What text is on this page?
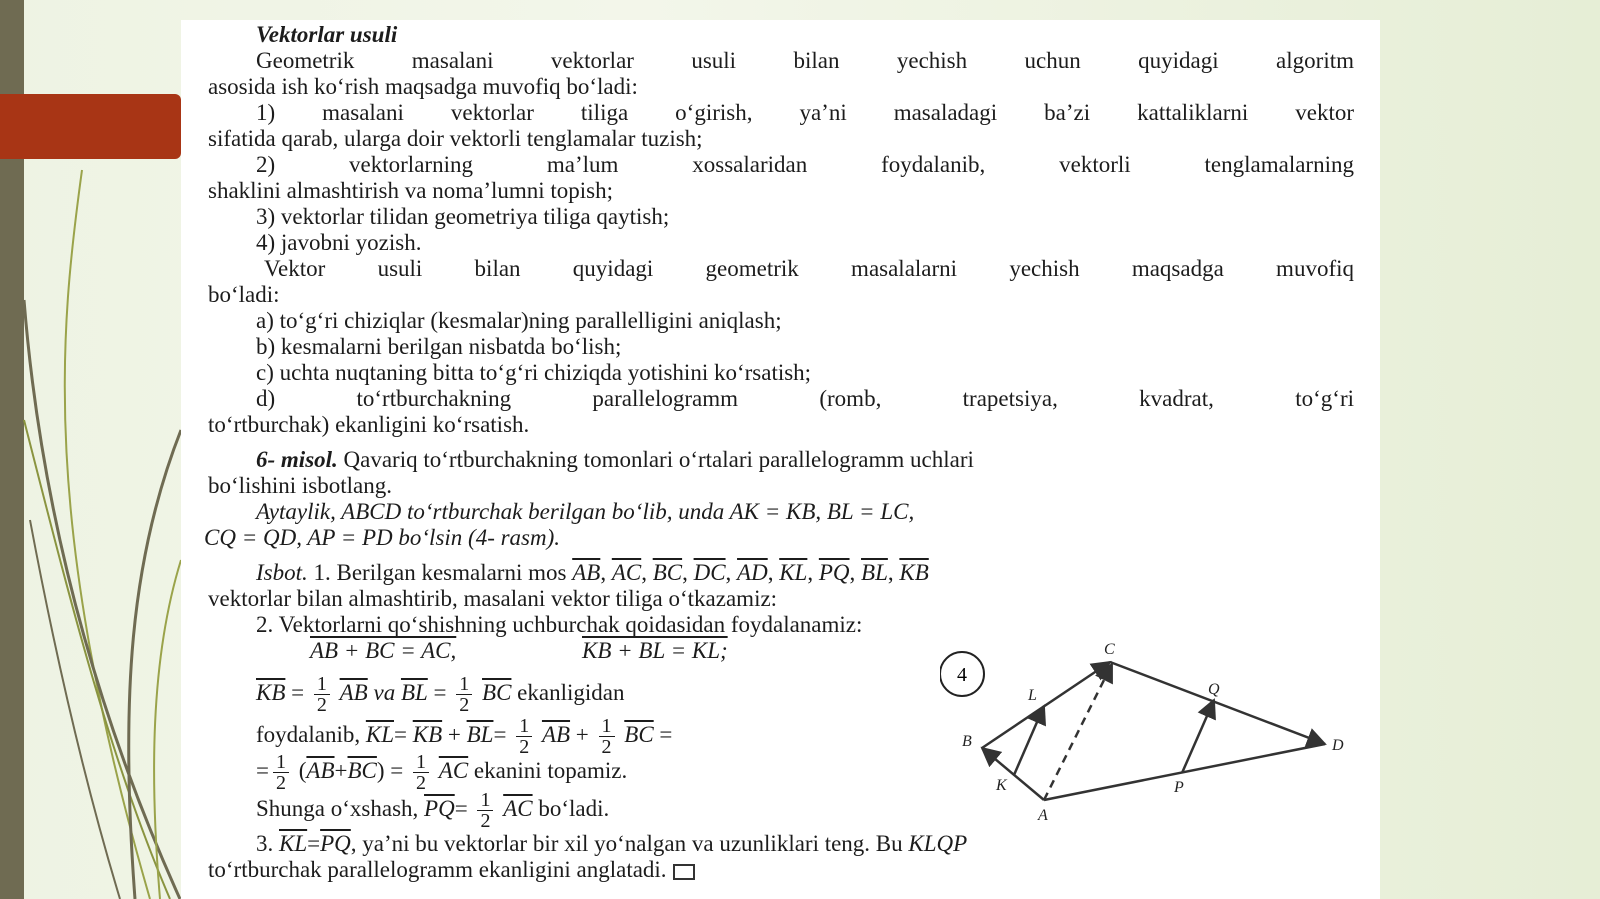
Vektorlar usuli
Geometrik masalani vektorlar usuli bilan yechish uchun quyidagi algoritm
asosida ish ko‘rish maqsadga muvofiq bo‘ladi:
1) masalani vektorlar tiliga o‘girish, ya’ni masaladagi ba’zi kattaliklarni vektor
sifatida qarab, ularga doir vektorli tenglamalar tuzish;
2) vektorlarning ma’lum xossalaridan foydalanib, vektorli tenglamalarning
shaklini almashtirish va noma’lumni topish;
3) vektorlar tilidan geometriya tiliga qaytish;
4) javobni yozish.
Vektor usuli bilan quyidagi geometrik masalalarni yechish maqsadga muvofiq
bo‘ladi:
a) to‘g‘ri chiziqlar (kesmalar)ning parallelligini aniqlash;
b) kesmalarni berilgan nisbatda bo‘lish;
c) uchta nuqtaning bitta to‘g‘ri chiziqda yotishini ko‘rsatish;
d) to‘rtburchakning parallelogramm (romb, trapetsiya, kvadrat, to‘g‘ri
to‘rtburchak) ekanligini ko‘rsatish.
6- misol. Qavariq to‘rtburchakning tomonlari o‘rtalari parallelogramm uchlari
bo‘lishini isbotlang.
Aytaylik, ABCD to‘rtburchak berilgan bo‘lib, unda AK = KB, BL = LC,
CQ = QD, AP = PD bo‘lsin (4- rasm).
Isbot. 1. Berilgan kesmalarni mos $\overline{AB}$, $\overline{AC}$, $\overline{BC}$, $\overline{DC}$, $\overline{AD}$, $\overline{KL}$, $\overline{PQ}$, $\overline{BL}$, $\overline{KB}$
vektorlar bilan almashtirib, masalani vektor tiliga o‘tkazamiz:
2. Vektorlarni qo‘shishning uchburchak qoidasidan foydalanamiz:
AB + BC = AC,	KB + BL = KL;
$\overline{KB} = \frac{1}{2} \overline{AB}$ va $\overline{BL} = \frac{1}{2} \overline{BC}$ ekanligidan
foydalanib, $\overline{KL}= \overline{KB} + \overline{BL}= \frac{1}{2} \overline{AB} + \frac{1}{2} \overline{BC}$ =
= $\frac{1}{2} (\overline{AB}+\overline{BC}) = \frac{1}{2} \overline{AC}$ ekanini topamiz.
Shunga o‘xshash, $\overline{PQ}= \frac{1}{2} \overline{AC}$ bo‘ladi.
3. $\overline{KL}=\overline{PQ}$, ya’ni bu vektorlar bir xil yo‘nalgan va uzunliklari teng. Bu KLQP
to‘rtburchak parallelogramm ekanligini anglatadi.
4
A
B
C
D
K
L
P
Q
